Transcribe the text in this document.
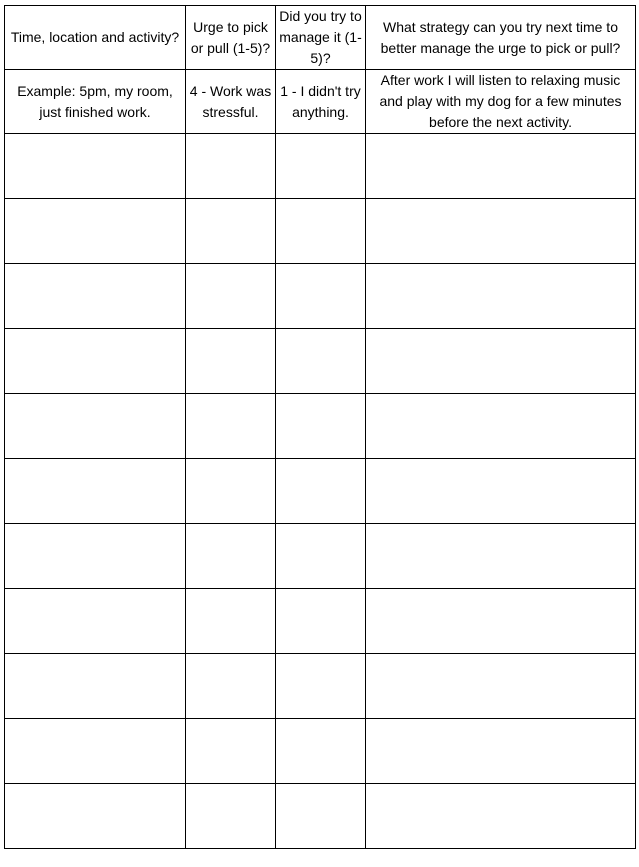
Time, location and activity?	Urge to pick or pull (1-5)?	Did you try to manage it (1-5)?	What strategy can you try next time to better manage the urge to pick or pull?

Example: 5pm, my room, just finished work.	4 - Work was stressful.	1 - I didn't try anything.	After work I will listen to relaxing music and play with my dog for a few minutes before the next activity.
